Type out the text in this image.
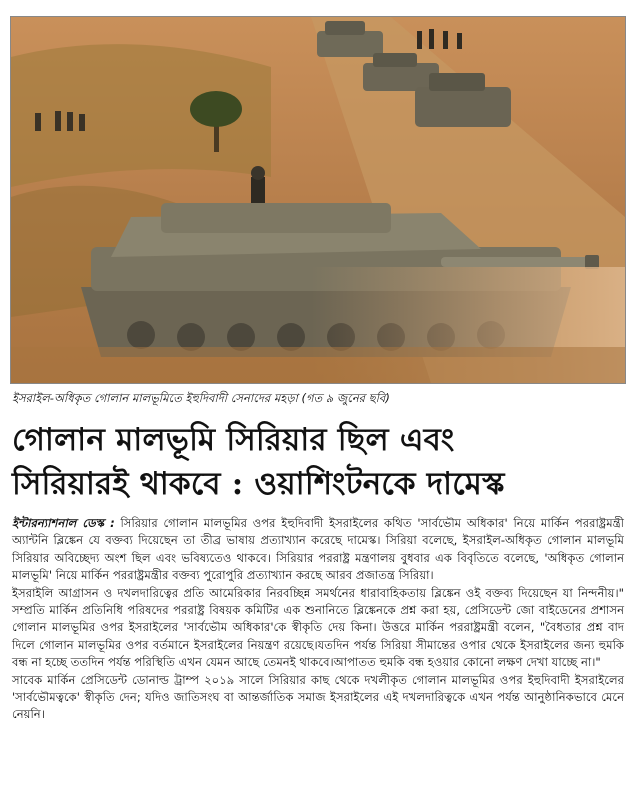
ইসরাইল-অধিকৃত গোলান মালভূমিতে ইহুদিবাদী সেনাদের মহড়া (গত ৯ জুনের ছবি)
গোলান মালভূমি সিরিয়ার ছিল এবং
সিরিয়ারই থাকবে : ওয়াশিংটনকে দামেস্ক

ইন্টারন্যাশনাল ডেস্ক : সিরিয়ার গোলান মালভূমির ওপর ইহুদিবাদী ইসরাইলের কথিত 'সার্বভৌম অধিকার' নিয়ে মার্কিন পররাষ্ট্রমন্ত্রী অ্যান্টনি ব্লিঙ্কেন যে বক্তব্য দিয়েছেন তা তীব্র ভাষায় প্রত্যাখ্যান করেছে দামেস্ক। সিরিয়া বলেছে, ইসরাইল-অধিকৃত গোলান মালভূমি সিরিয়ার অবিচ্ছেদ্য অংশ ছিল এবং ভবিষ্যতেও থাকবে। সিরিয়ার পররাষ্ট্র মন্ত্রণালয় বুধবার এক বিবৃতিতে বলেছে, 'অধিকৃত গোলান মালভূমি' নিয়ে মার্কিন পররাষ্ট্রমন্ত্রীর বক্তব্য পুরোপুরি প্রত্যাখ্যান করছে আরব প্রজাতন্ত্র সিরিয়া।

ইসরাইলি আগ্রাসন ও দখলদারিত্বের প্রতি আমেরিকার নিরবচ্ছিন্ন সমর্থনের ধারাবাহিকতায় ব্লিঙ্কেন ওই বক্তব্য দিয়েছেন যা নিন্দনীয়।" সম্প্রতি মার্কিন প্রতিনিধি পরিষদের পররাষ্ট্র বিষয়ক কমিটির এক শুনানিতে ব্লিঙ্কেনকে প্রশ্ন করা হয়, প্রেসিডেন্ট জো বাইডেনের প্রশাসন গোলান মালভূমির ওপর ইসরাইলের 'সার্বভৌম অধিকার'কে স্বীকৃতি দেয় কিনা। উত্তরে মার্কিন পররাষ্ট্রমন্ত্রী বলেন, "বৈধতার প্রশ্ন বাদ দিলে গোলান মালভূমির ওপর বর্তমানে ইসরাইলের নিয়ন্ত্রণ রয়েছে।যতদিন পর্যন্ত সিরিয়া সীমান্তের ওপার থেকে ইসরাইলের জন্য হুমকি বন্ধ না হচ্ছে ততদিন পর্যন্ত পরিস্থিতি এখন যেমন আছে তেমনই থাকবে।আপাতত হুমকি বন্ধ হওয়ার কোনো লক্ষণ দেখা যাচ্ছে না।"

সাবেক মার্কিন প্রেসিডেন্ট ডোনাল্ড ট্রাম্প ২০১৯ সালে সিরিয়ার কাছ থেকে দখলীকৃত গোলান মালভূমির ওপর ইহুদিবাদী ইসরাইলের 'সার্বভৌমত্বকে' স্বীকৃতি দেন; যদিও জাতিসংঘ বা আন্তর্জাতিক সমাজ ইসরাইলের এই দখলদারিত্বকে এখন পর্যন্ত আনুষ্ঠানিকভাবে মেনে নেয়নি।
